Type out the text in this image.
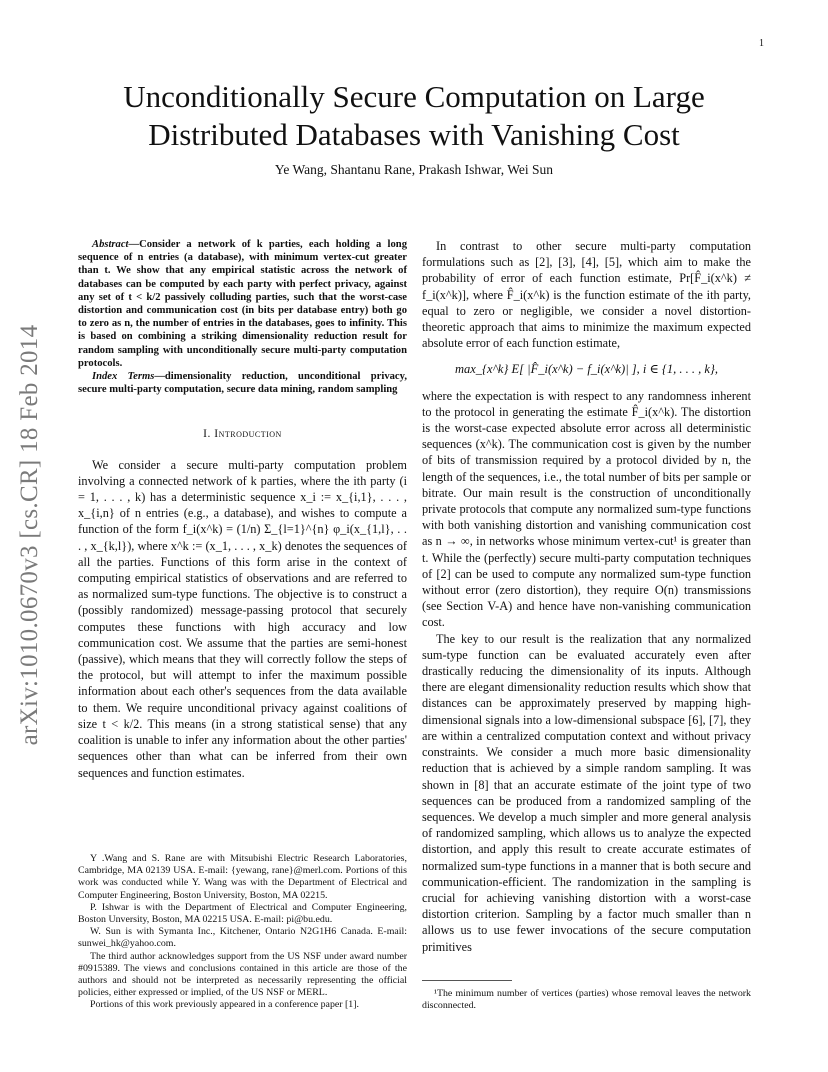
1
arXiv:1010.0670v3 [cs.CR] 18 Feb 2014
Unconditionally Secure Computation on Large Distributed Databases with Vanishing Cost
Ye Wang, Shantanu Rane, Prakash Ishwar, Wei Sun

Abstract—Consider a network of k parties, each holding a long sequence of n entries (a database), with minimum vertex-cut greater than t. We show that any empirical statistic across the network of databases can be computed by each party with perfect privacy, against any set of t < k/2 passively colluding parties, such that the worst-case distortion and communication cost (in bits per database entry) both go to zero as n, the number of entries in the databases, goes to infinity. This is based on combining a striking dimensionality reduction result for random sampling with unconditionally secure multi-party computation protocols.

Index Terms—dimensionality reduction, unconditional privacy, secure multi-party computation, secure data mining, random sampling

I. Introduction

We consider a secure multi-party computation problem involving a connected network of k parties, where the ith party (i = 1, . . . , k) has a deterministic sequence x_i := x_{i,1}, . . . , x_{i,n} of n entries (e.g., a database), and wishes to compute a function of the form f_i(x^k) = (1/n) Σ_{l=1}^{n} φ_i(x_{1,l}, . . . , x_{k,l}), where x^k := (x_1, . . . , x_k) denotes the sequences of all the parties. Functions of this form arise in the context of computing empirical statistics of observations and are referred to as normalized sum-type functions. The objective is to construct a (possibly randomized) message-passing protocol that securely computes these functions with high accuracy and low communication cost. We assume that the parties are semi-honest (passive), which means that they will correctly follow the steps of the protocol, but will attempt to infer the maximum possible information about each other's sequences from the data available to them. We require unconditional privacy against coalitions of size t < k/2. This means (in a strong statistical sense) that any coalition is unable to infer any information about the other parties' sequences other than what can be inferred from their own sequences and function estimates.

Y .Wang and S. Rane are with Mitsubishi Electric Research Laboratories, Cambridge, MA 02139 USA. E-mail: {yewang, rane}@merl.com. Portions of this work was conducted while Y. Wang was with the Department of Electrical and Computer Engineering, Boston University, Boston, MA 02215.

P. Ishwar is with the Department of Electrical and Computer Engineering, Boston Unversity, Boston, MA 02215 USA. E-mail: pi@bu.edu.

W. Sun is with Symanta Inc., Kitchener, Ontario N2G1H6 Canada. E-mail: sunwei_hk@yahoo.com.

The third author acknowledges support from the US NSF under award number #0915389. The views and conclusions contained in this article are those of the authors and should not be interpreted as necessarily representing the official policies, either expressed or implied, of the US NSF or MERL.

Portions of this work previously appeared in a conference paper [1].

In contrast to other secure multi-party computation formulations such as [2], [3], [4], [5], which aim to make the probability of error of each function estimate, Pr[F̂_i(x^k) ≠ f_i(x^k)], where F̂_i(x^k) is the function estimate of the ith party, equal to zero or negligible, we consider a novel distortion-theoretic approach that aims to minimize the maximum expected absolute error of each function estimate,

max_{x^k} E[ |F̂_i(x^k) − f_i(x^k)| ], i ∈ {1, . . . , k},

where the expectation is with respect to any randomness inherent to the protocol in generating the estimate F̂_i(x^k). The distortion is the worst-case expected absolute error across all deterministic sequences (x^k). The communication cost is given by the number of bits of transmission required by a protocol divided by n, the length of the sequences, i.e., the total number of bits per sample or bitrate. Our main result is the construction of unconditionally private protocols that compute any normalized sum-type functions with both vanishing distortion and vanishing communication cost as n → ∞, in networks whose minimum vertex-cut¹ is greater than t. While the (perfectly) secure multi-party computation techniques of [2] can be used to compute any normalized sum-type function without error (zero distortion), they require O(n) transmissions (see Section V-A) and hence have non-vanishing communication cost.

The key to our result is the realization that any normalized sum-type function can be evaluated accurately even after drastically reducing the dimensionality of its inputs. Although there are elegant dimensionality reduction results which show that distances can be approximately preserved by mapping high-dimensional signals into a low-dimensional subspace [6], [7], they are within a centralized computation context and without privacy constraints. We consider a much more basic dimensionality reduction that is achieved by a simple random sampling. It was shown in [8] that an accurate estimate of the joint type of two sequences can be produced from a randomized sampling of the sequences. We develop a much simpler and more general analysis of randomized sampling, which allows us to analyze the expected distortion, and apply this result to create accurate estimates of normalized sum-type functions in a manner that is both secure and communication-efficient. The randomization in the sampling is crucial for achieving vanishing distortion with a worst-case distortion criterion. Sampling by a factor much smaller than n allows us to use fewer invocations of the secure computation primitives

¹The minimum number of vertices (parties) whose removal leaves the network disconnected.
